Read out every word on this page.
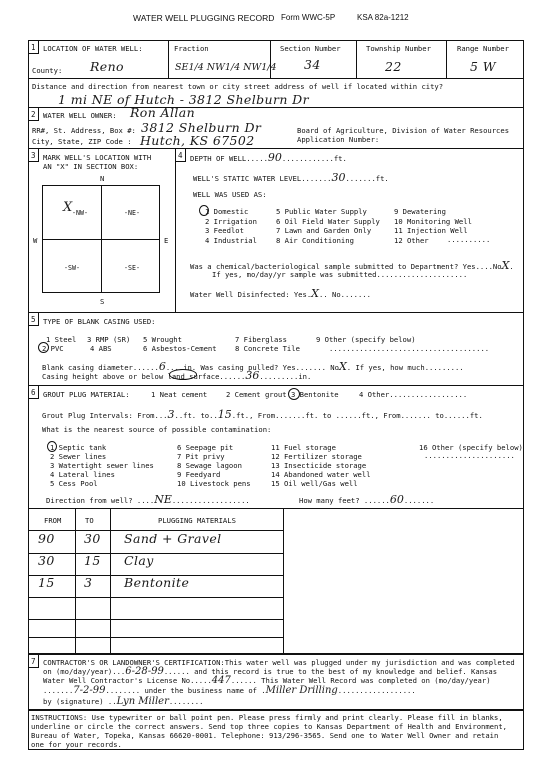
WATER WELL PLUGGING RECORD Form WWC-5P	KSA 82a-1212
1 LOCATION OF WATER WELL:	Fraction	Section Number	Township Number	Range Number
County: Reno	SE1/4 NW1/4 NW1/4 34	22	5 W
Distance and direction from nearest town or city street address of well if located within city?
1 mi NE of Hutch - 3812 Shelburn Dr
2 WATER WELL OWNER: Ron Allan
RR#, St. Address, Box #: 3812 Shelburn Dr
City, State, ZIP Code : Hutch, KS 67502
Board of Agriculture, Division of Water Resources
Application Number:
3 MARK WELL'S LOCATION WITH
AN "X" IN SECTION BOX:
N
S
W	E
-NW-	-NE-
-SW-	-SE-
X
4 DEPTH OF WELL.....90............ft.
WELL'S STATIC WATER LEVEL.......30.......ft.
WELL WAS USED AS:
1 Domestic	5 Public Water Supply	9 Dewatering
2 Irrigation	6 Oil Field Water Supply 10 Monitoring Well
3 Feedlot	7 Lawn and Garden Only	11 Injection Well
4 Industrial	8 Air Conditioning	12 Other	..........
Was a chemical/bacteriological sample submitted to Department? Yes....NoX.
If yes, mo/day/yr sample was submitted.....................
Water Well Disinfected: Yes.X.. No.......
5 TYPE OF BLANK CASING USED:
1 Steel 3 RMP (SR) 5 Wrought	7 Fiberglass	9 Other (specify below)
2 PVC	4 ABS	6 Asbestos-Cement	8 Concrete Tile	.....................................
Blank casing diameter......6....in. Was casing pulled? Yes....... NoX. If yes, how much.........
Casing height above or below land surface......36.........in.
6 GROUT PLUG MATERIAL:	1 Neat cement	2 Cement grout 3 Bentonite	4 Other..................
Grout Plug Intervals: From...3..ft. to..15.ft., From.......ft. to ......ft., From....... to......ft.
What is the nearest source of possible contamination:
1 Septic tank	6 Seepage pit	11 Fuel storage	16 Other (specify below)
2 Sewer lines	7 Pit privy	12 Fertilizer storage
3 Watertight sewer lines	8 Sewage lagoon	13 Insecticide storage
4 Lateral lines	9 Feedyard	14 Abandoned water well
5 Cess Pool	10 Livestock pens	15 Oil well/Gas well
.....................
Direction from well? ....NE..................	How many feet? ......60.......
FROM	TO	PLUGGING MATERIALS
90 30 Sand + Gravel
30 15 Clay
15 3	Bentonite
7 CONTRACTOR'S OR LANDOWNER'S CERTIFICATION:This water well was plugged under my jurisdiction and was completed
on (mo/day/year)...6-28-99...... and this record is true to the best of my knowledge and belief. Kansas
Water Well Contractor's License No.....447...... This Water Well Record was completed on (mo/day/year)
.......7-2-99........ under the business name of .Miller Drilling..................
by (signature) ..Lyn Miller........
INSTRUCTIONS: Use typewriter or ball point pen. Please press firmly and print clearly. Please fill in blanks,
underline or circle the correct answers. Send top three copies to Kansas Department of Health and Environment,
Bureau of Water, Topeka, Kansas 66620-0001. Telephone: 913/296-3565. Send one to Water Well Owner and retain
one for your records.
